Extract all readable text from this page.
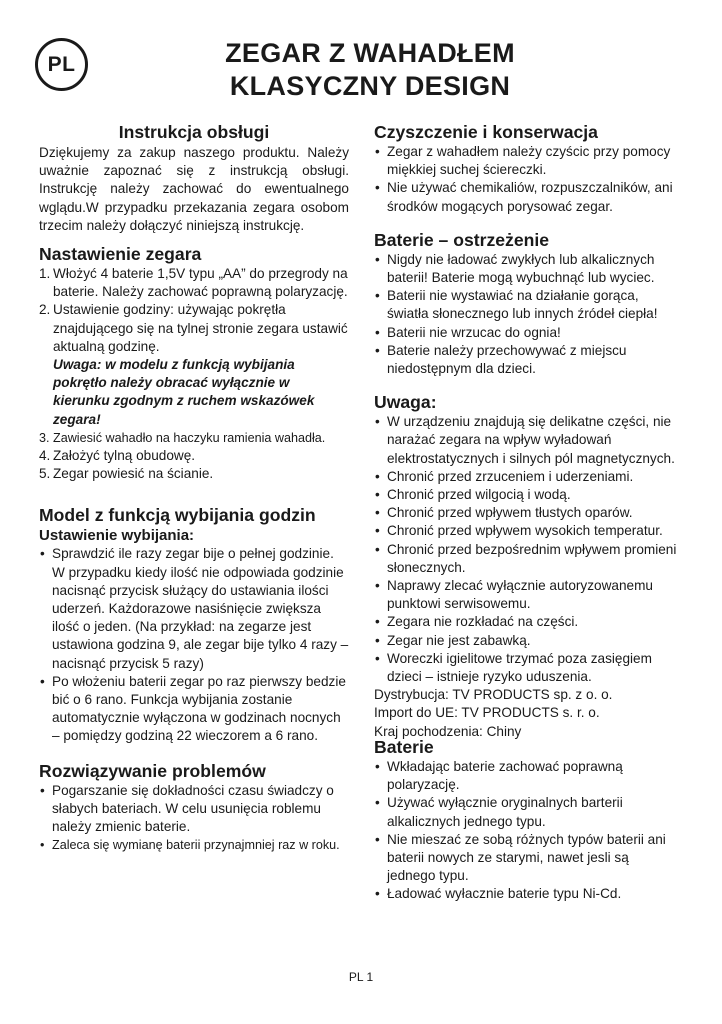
PL	ZEGAR Z WAHADŁEM
KLASYCZNY DESIGN
Instrukcja obsługi

Dziękujemy za zakup naszego produktu. Należy uważnie zapoznać się z instrukcją obsługi. Instrukcję należy zachować do ewentualnego wglądu.W przypadku przekazania zegara osobom trzecim należy dołączyć niniejszą instrukcję.

Nastawienie zegara
1. Włożyć 4 baterie 1,5V typu „AA” do przegrody na baterie. Należy zachować poprawną polaryzację.
2. Ustawienie godziny: używając pokrętła znajdującego się na tylnej stronie zegara ustawić aktualną godzinę.

Uwaga: w modelu z funkcją wybijania pokrętło należy obracać wyłącznie w kierunku zgodnym z ruchem wskazówek zegara!

3. Zawiesić wahadło na haczyku ramienia wahadła.
4. Założyć tylną obudowę.
5. Zegar powiesić na ścianie.
Model z funkcją wybijania godzin
Ustawienie wybijania:
• Sprawdzić ile razy zegar bije o pełnej godzinie. W przypadku kiedy ilość nie odpowiada godzinie nacisnąć przycisk służący do ustawiania ilości uderzeń. Każdorazowe nasiśnięcie zwiększa ilość o jeden. (Na przykład: na zegarze jest ustawiona godzina 9, ale zegar bije tylko 4 razy – nacisnąć przycisk 5 razy)
• Po włożeniu baterii zegar po raz pierwszy bedzie bić o 6 rano. Funkcja wybijania zostanie automatycznie wyłączona w godzinach nocnych – pomiędzy godziną 22 wieczorem a 6 rano.
Rozwiązywanie problemów
• Pogarszanie się dokładności czasu świadczy o słabych bateriach. W celu usunięcia roblemu należy zmienic baterie.
• Zaleca się wymianę baterii przynajmniej raz w roku.
Czyszczenie i konserwacja
• Zegar z wahadłem należy czyścic przy pomocy miękkiej suchej ściereczki.
• Nie używać chemikaliów, rozpuszczalników, ani środków mogących porysować zegar.
Baterie – ostrzeżenie
• Nigdy nie ładować zwykłych lub alkalicznych baterii! Baterie mogą wybuchnąć lub wyciec.
• Baterii nie wystawiać na działanie gorąca, światła słonecznego lub innych źródeł ciepła!
• Baterii nie wrzucac do ognia!
• Baterie należy przechowywać z miejscu niedostępnym dla dzieci.
Uwaga:
• W urządzeniu znajdują się delikatne części, nie narażać zegara na wpływ wyładowań elektrostatycznych i silnych pól magnetycznych.
• Chronić przed zrzuceniem i uderzeniami.
• Chronić przed wilgocią i wodą.
• Chronić przed wpływem tłustych oparów.
• Chronić przed wpływem wysokich temperatur.
• Chronić przed bezpośrednim wpływem promieni słonecznych.
• Naprawy zlecać wyłącznie autoryzowanemu punktowi serwisowemu.
• Zegara nie rozkładać na części.
• Zegar nie jest zabawką.
• Woreczki igielitowe trzymać poza zasięgiem dzieci – istnieje ryzyko uduszenia.

Dystrybucja: TV PRODUCTS sp. z o. o.

Import do UE: TV PRODUCTS s. r. o.

Kraj pochodzenia: Chiny

Baterie
• Wkładając baterie zachować poprawną polaryzację.
• Używać wyłącznie oryginalnych barterii alkalicznych jednego typu.
• Nie mieszać ze sobą różnych typów baterii ani baterii nowych ze starymi, nawet jesli są jednego typu.
• Ładować wyłacznie baterie typu Ni-Cd.
PL 1
